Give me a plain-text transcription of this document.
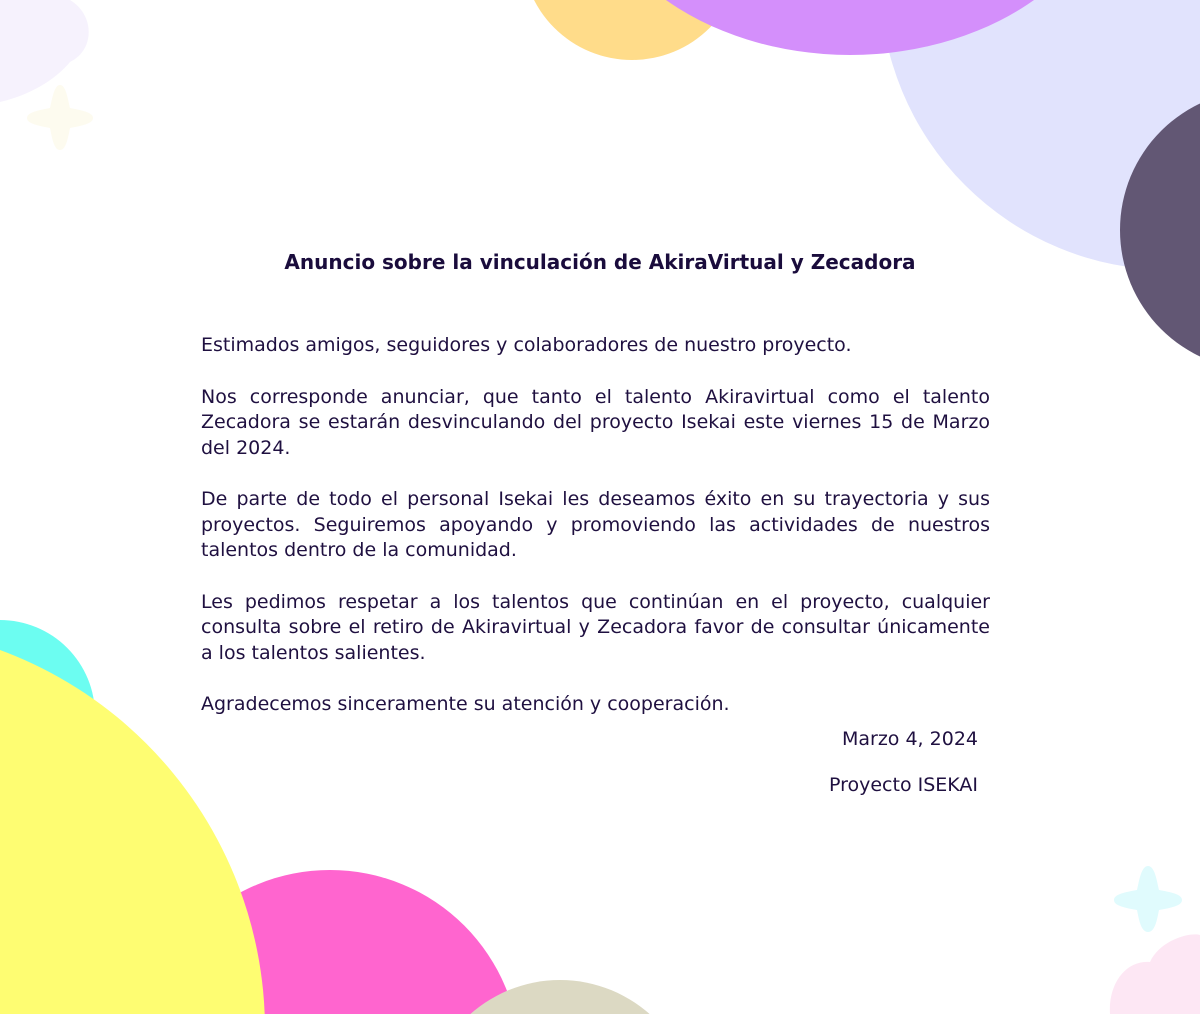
Anuncio sobre la vinculación de AkiraVirtual y Zecadora

Estimados amigos, seguidores y colaboradores de nuestro proyecto.

Nos corresponde anunciar, que tanto el talento Akiravirtual como el talento Zecadora se estarán desvinculando del proyecto Isekai este viernes 15 de Marzo del 2024.

De parte de todo el personal Isekai les deseamos éxito en su trayectoria y sus proyectos. Seguiremos apoyando y promoviendo las actividades de nuestros talentos dentro de la comunidad.

Les pedimos respetar a los talentos que continúan en el proyecto, cualquier consulta sobre el retiro de Akiravirtual y Zecadora favor de consultar únicamente a los talentos salientes.

Agradecemos sinceramente su atención y cooperación.

Marzo 4, 2024

Proyecto ISEKAI
